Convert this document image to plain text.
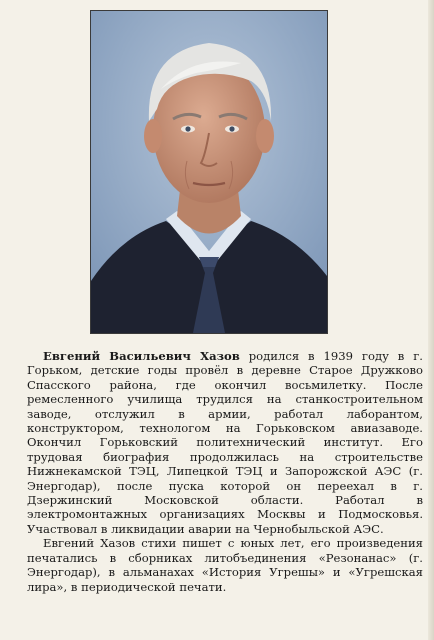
Евгений Васильевич Хазов родился в 1939 году в г. Горьком, детские годы провёл в деревне Старое Дружково Спасского района, где окончил восьмилетку. После ремесленного училища трудился на станкостроительном заводе, отслужил в армии, работал лаборантом, конструктором, технологом на Горьковском авиазаводе. Окончил Горьковский политехнический институт. Его трудовая биография продолжилась на строительстве Нижнекамской ТЭЦ, Липецкой ТЭЦ и Запорожской АЭС (г. Энергодар), после пуска которой он переехал в г. Дзержинский Московской области. Работал в электромонтажных организациях Москвы и Подмосковья. Участвовал в ликвидации аварии на Чернобыльской АЭС.

Евгений Хазов стихи пишет с юных лет, его произведения печатались в сборниках литобъединения «Резонанас» (г. Энергодар), в альманахах «История Угрешы» и «Угрешская лира», в периодической печати.
